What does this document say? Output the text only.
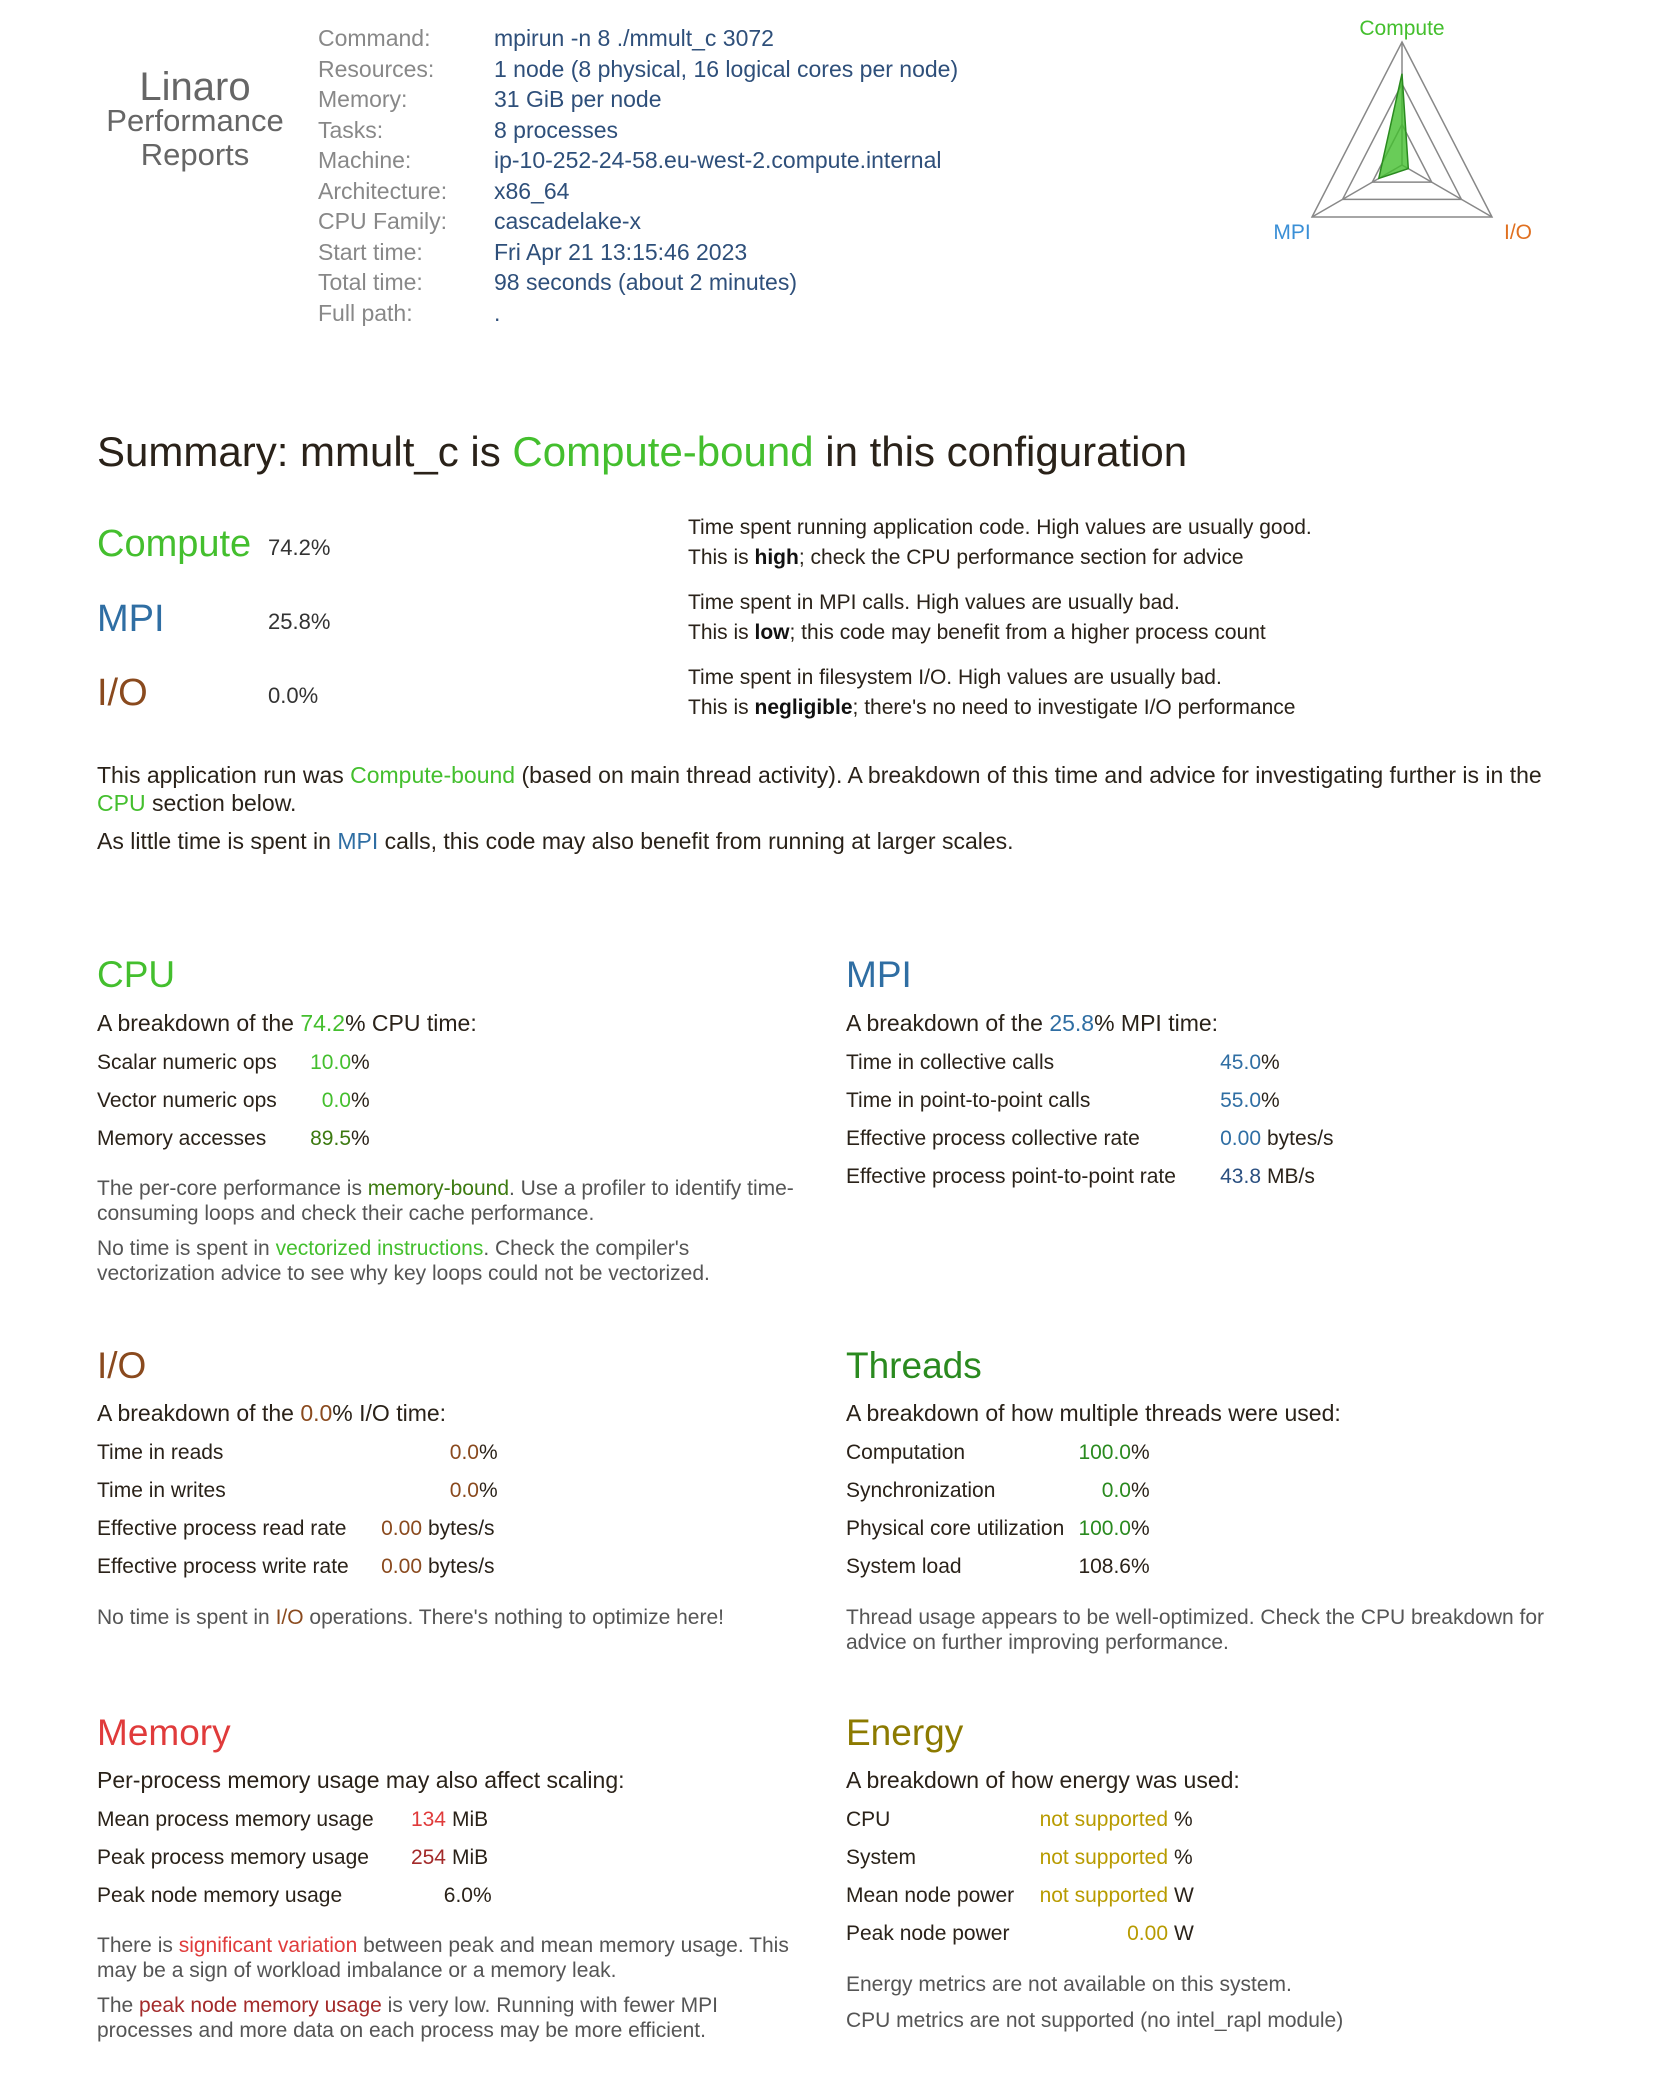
Linaro
Performance
Reports
Command:	mpirun -n 8 ./mmult_c 3072
Resources:	1 node (8 physical, 16 logical cores per node)
Memory:	31 GiB per node
Tasks:	8 processes
Machine:	ip-10-252-24-58.eu-west-2.compute.internal
Architecture:	x86_64
CPU Family:	cascadelake-x
Start time:	Fri Apr 21 13:15:46 2023
Total time:	98 seconds (about 2 minutes)
Full path:	.
Compute
MPI	I/O
Summary: mmult_c is Compute-bound in this configuration
Compute 74.2%
Time spent running application code. High values are usually good.
This is high; check the CPU performance section for advice
MPI	25.8%
Time spent in MPI calls. High values are usually bad.
This is low; this code may benefit from a higher process count
I/O	0.0%
Time spent in filesystem I/O. High values are usually bad.
This is negligible; there's no need to investigate I/O performance
This application run was Compute-bound (based on main thread activity). A breakdown of this time and advice for investigating further is in the CPU section below.
As little time is spent in MPI calls, this code may also benefit from running at larger scales.
CPU
A breakdown of the 74.2% CPU time:
Scalar numeric ops	10.0 %
Vector numeric ops	0.0 %
Memory accesses	89.5 %
The per-core performance is memory-bound. Use a profiler to identify time-consuming loops and check their cache performance.
No time is spent in vectorized instructions. Check the compiler's vectorization advice to see why key loops could not be vectorized.
MPI
A breakdown of the 25.8% MPI time:
Time in collective calls	45.0 %
Time in point-to-point calls	55.0 %
Effective process collective rate	0.00 bytes/s
Effective process point-to-point rate	43.8 MB/s
I/O
A breakdown of the 0.0% I/O time:
Time in reads	0.0 %
Time in writes	0.0 %
Effective process read rate	0.00 bytes/s
Effective process write rate	0.00 bytes/s
No time is spent in I/O operations. There's nothing to optimize here!
Threads
A breakdown of how multiple threads were used:
Computation	100.0 %
Synchronization	0.0 %
Physical core utilization 100.0 %
System load	108.6 %
Thread usage appears to be well-optimized. Check the CPU breakdown for advice on further improving performance.
Memory
Per-process memory usage may also affect scaling:
Mean process memory usage	134 MiB
Peak process memory usage	254 MiB
Peak node memory usage	6.0 %
There is significant variation between peak and mean memory usage. This may be a sign of workload imbalance or a memory leak.
The peak node memory usage is very low. Running with fewer MPI processes and more data on each process may be more efficient.
Energy
A breakdown of how energy was used:
CPU	not supported %
System	not supported %
Mean node power	not supported W
Peak node power	0.00 W
Energy metrics are not available on this system.
CPU metrics are not supported (no intel_rapl module)
